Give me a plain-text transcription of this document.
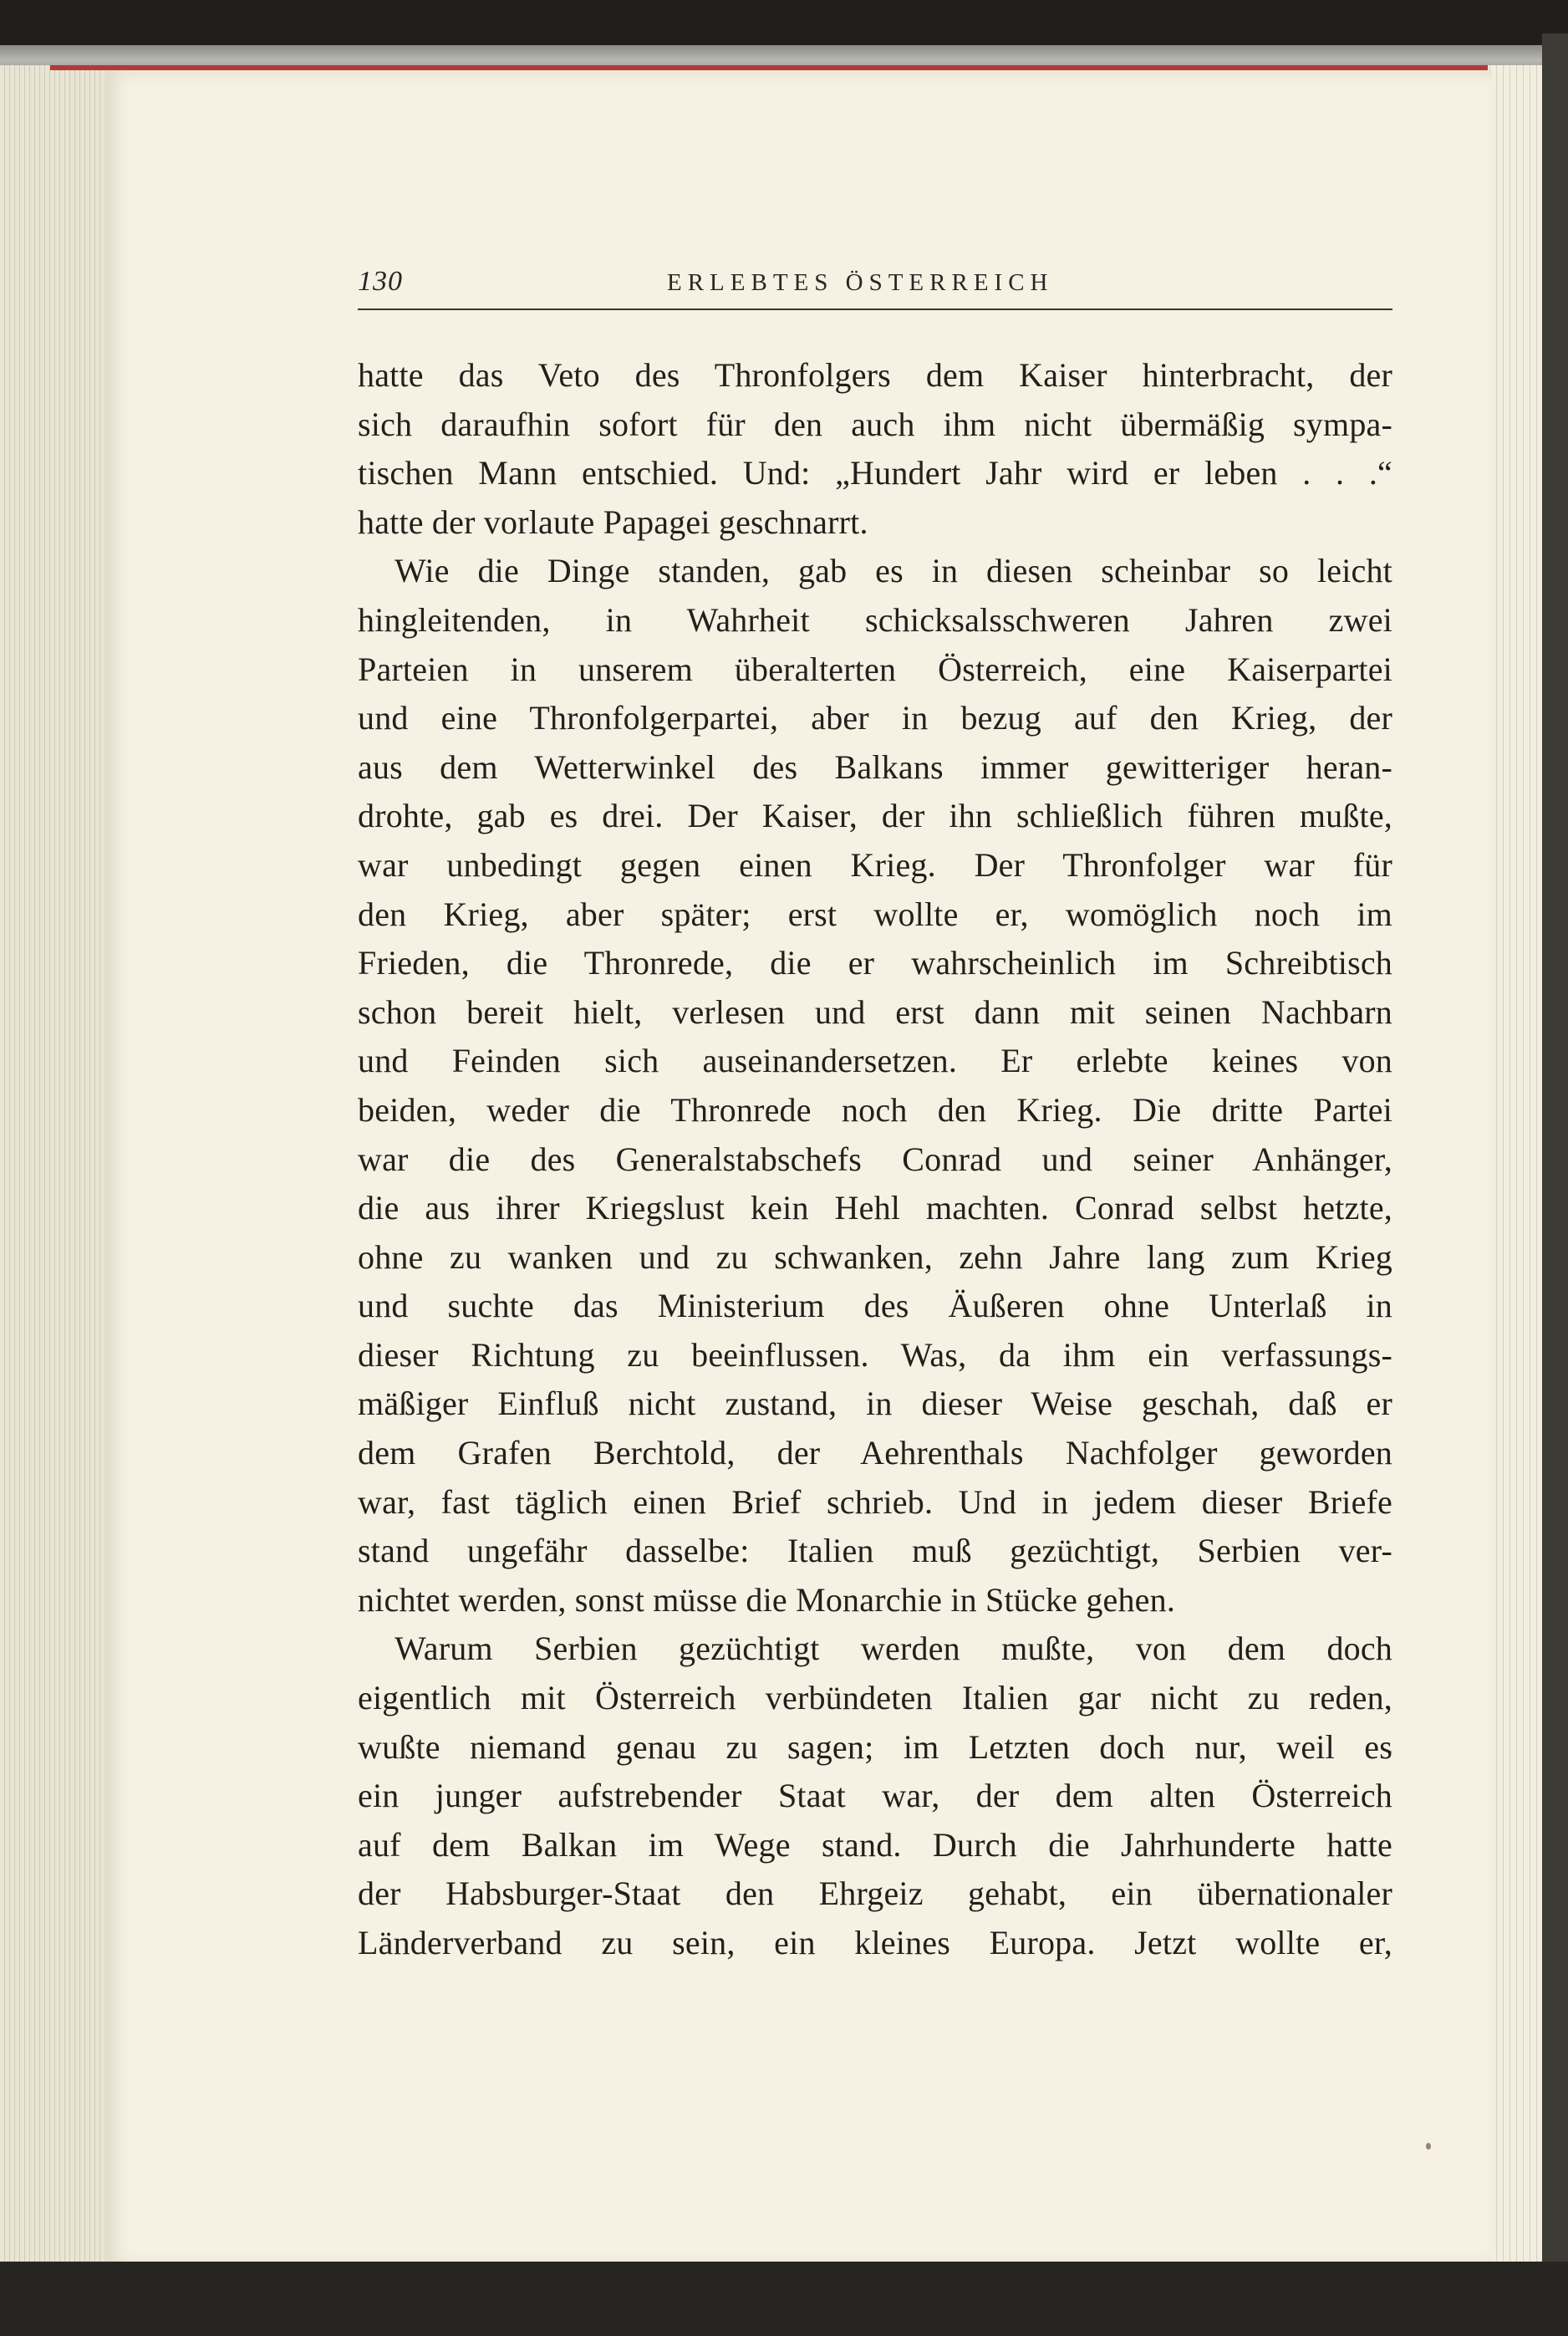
130	ERLEBTES ÖSTERREICH
hatte das Veto des Thronfolgers dem Kaiser hinterbracht, der
sich daraufhin sofort für den auch ihm nicht übermäßig sympa-
tischen Mann entschied. Und: „Hundert Jahr wird er leben . . .“
hatte der vorlaute Papagei geschnarrt.
Wie die Dinge standen, gab es in diesen scheinbar so leicht
hingleitenden, in Wahrheit schicksalsschweren Jahren zwei
Parteien in unserem überalterten Österreich, eine Kaiserpartei
und eine Thronfolgerpartei, aber in bezug auf den Krieg, der
aus dem Wetterwinkel des Balkans immer gewitteriger heran-
drohte, gab es drei. Der Kaiser, der ihn schließlich führen mußte,
war unbedingt gegen einen Krieg. Der Thronfolger war für
den Krieg, aber später; erst wollte er, womöglich noch im
Frieden, die Thronrede, die er wahrscheinlich im Schreibtisch
schon bereit hielt, verlesen und erst dann mit seinen Nachbarn
und Feinden sich auseinandersetzen. Er erlebte keines von
beiden, weder die Thronrede noch den Krieg. Die dritte Partei
war die des Generalstabschefs Conrad und seiner Anhänger,
die aus ihrer Kriegslust kein Hehl machten. Conrad selbst hetzte,
ohne zu wanken und zu schwanken, zehn Jahre lang zum Krieg
und suchte das Ministerium des Äußeren ohne Unterlaß in
dieser Richtung zu beeinflussen. Was, da ihm ein verfassungs-
mäßiger Einfluß nicht zustand, in dieser Weise geschah, daß er
dem Grafen Berchtold, der Aehrenthals Nachfolger geworden
war, fast täglich einen Brief schrieb. Und in jedem dieser Briefe
stand ungefähr dasselbe: Italien muß gezüchtigt, Serbien ver-
nichtet werden, sonst müsse die Monarchie in Stücke gehen.
Warum Serbien gezüchtigt werden mußte, von dem doch
eigentlich mit Österreich verbündeten Italien gar nicht zu reden,
wußte niemand genau zu sagen; im Letzten doch nur, weil es
ein junger aufstrebender Staat war, der dem alten Österreich
auf dem Balkan im Wege stand. Durch die Jahrhunderte hatte
der Habsburger-Staat den Ehrgeiz gehabt, ein übernationaler
Länderverband zu sein, ein kleines Europa. Jetzt wollte er,
